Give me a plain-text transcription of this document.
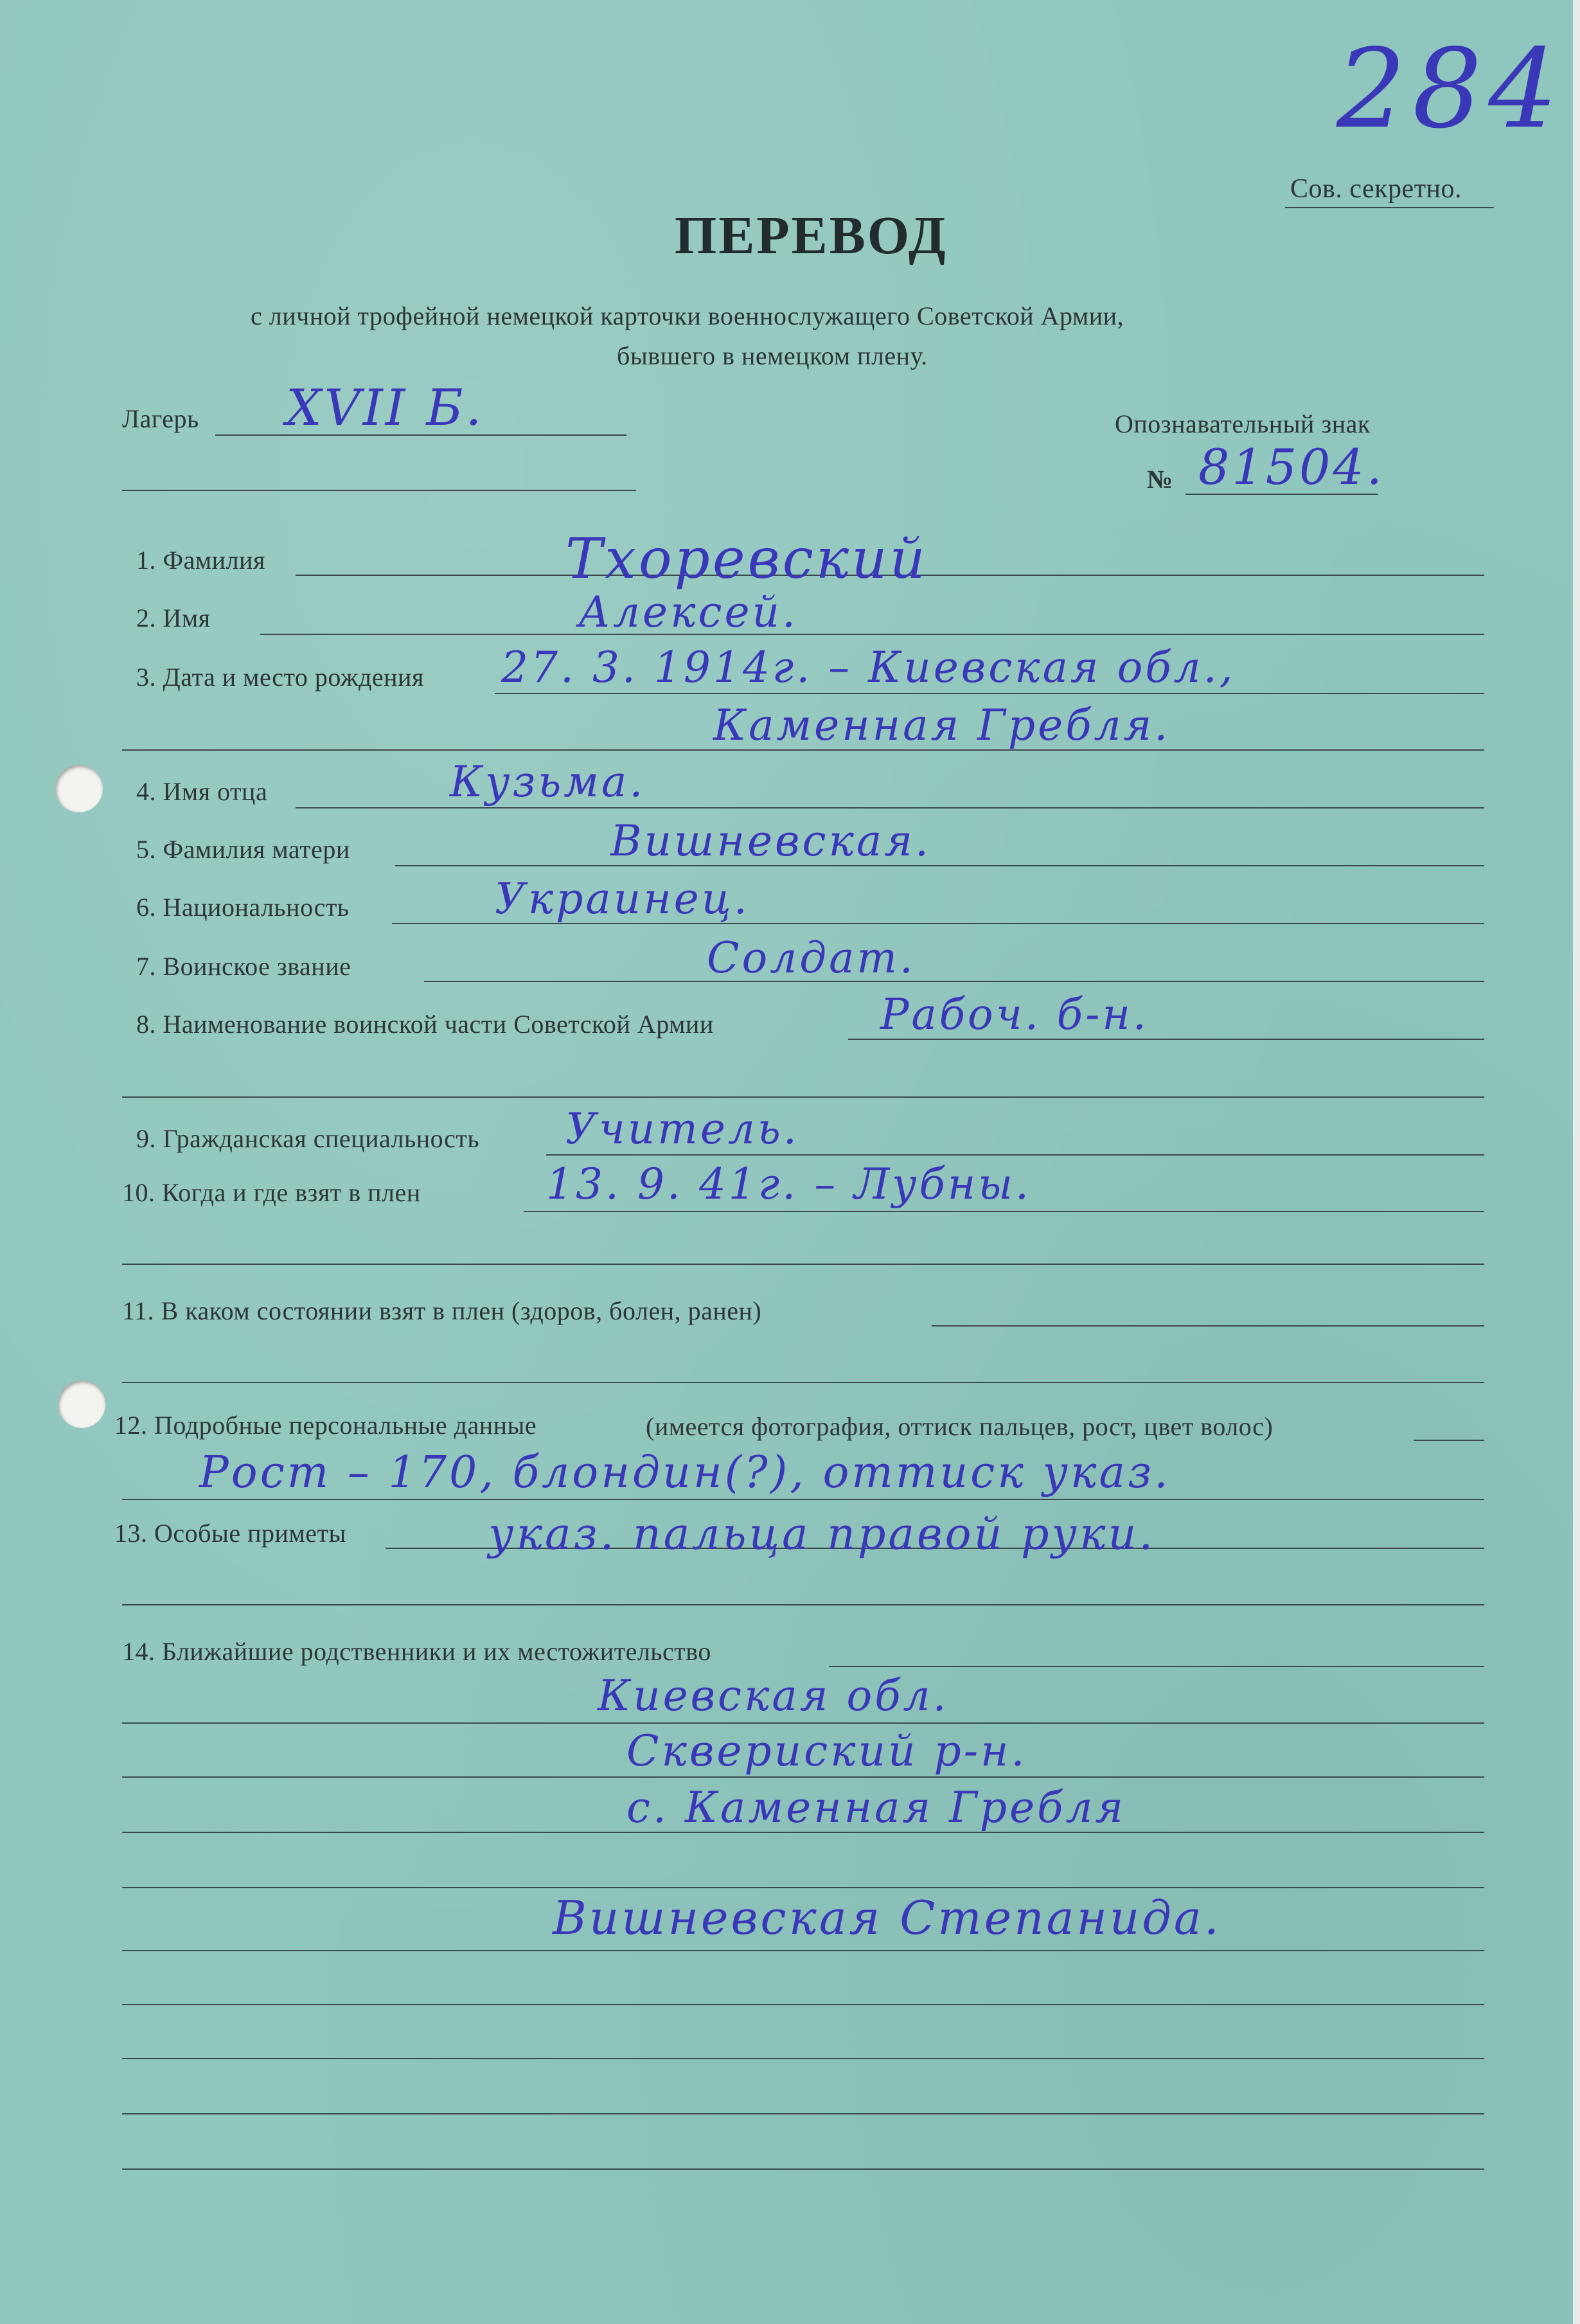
284
Сов. секретно.
ПЕРЕВОД
с личной трофейной немецкой карточки военнослужащего Советской Армии,
бывшего в немецком плену.
Лагерь XVII Б.	Опознавательный знак
№ 81504.
1. Фамилия	Тхоревский
2. Имя	Алексей.
3. Дата и место рождения 27. 3. 1914г. – Киевская обл.,
Каменная Гребля.
4. Имя отца	Кузьма.
5. Фамилия матери	Вишневская.
6. Национальность	Украинец.
7. Воинское звание	Солдат.
8. Наименование воинской части Советской Армии	Рабоч. б-н.
9. Гражданская специальность Учитель.
10. Когда и где взят в плен	13. 9. 41г. – Лубны.
11. В каком состоянии взят в плен (здоров, болен, ранен)
12. Подробные персональные данные	(имеется фотография, оттиск пальцев, рост, цвет волос)
Рост – 170, блондин(?), оттиск указ.
13. Особые приметы	указ. пальца правой руки.
14. Ближайшие родственники и их местожительство
Киевская обл.
Сквериский р-н.
с. Каменная Гребля
Вишневская Степанида.
